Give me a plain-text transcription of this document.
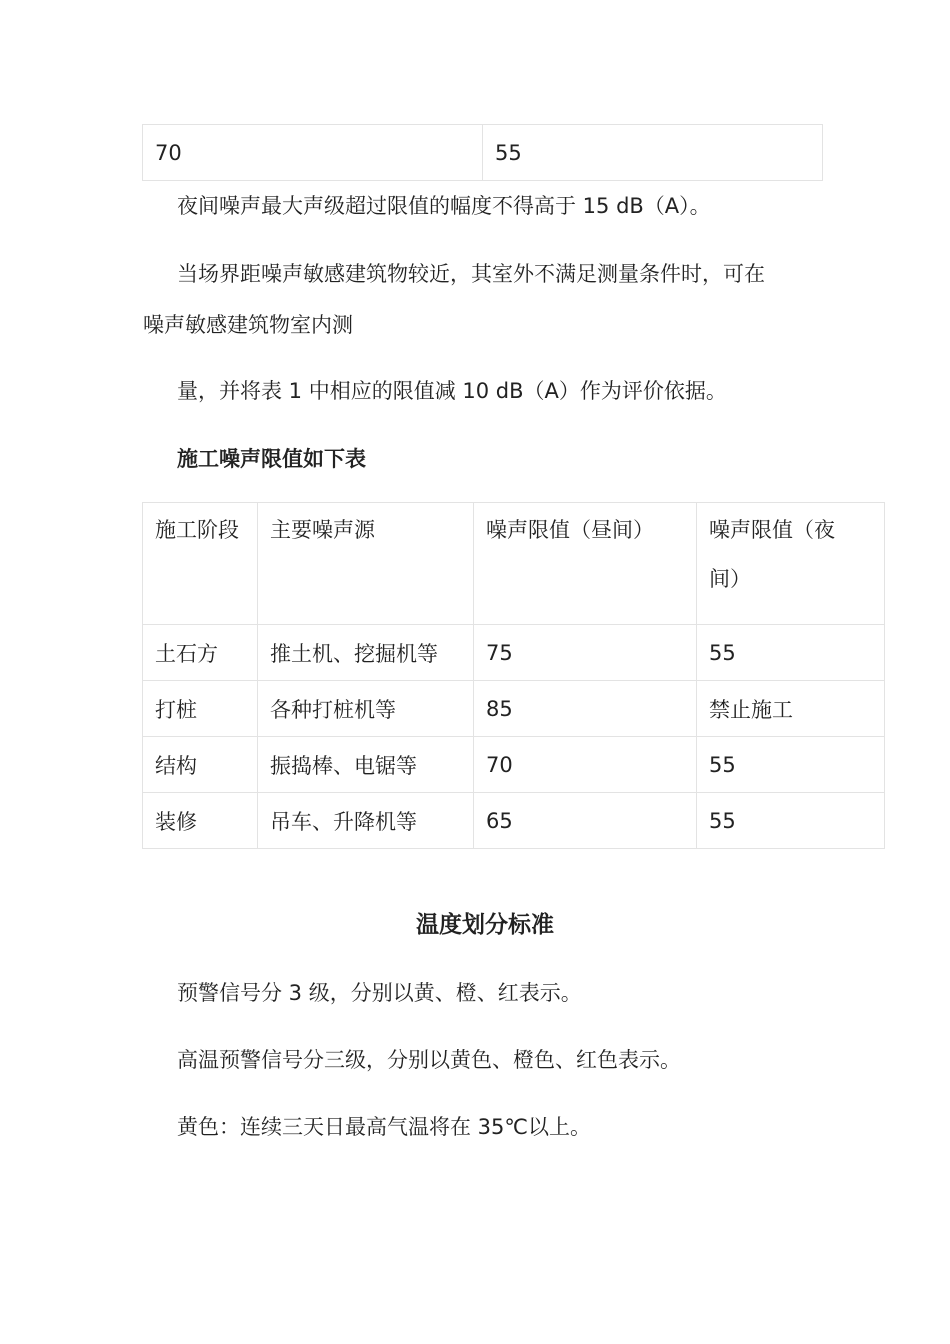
70	55
夜间噪声最大声级超过限值的幅度不得高于 15 dB（A）。
当场界距噪声敏感建筑物较近，其室外不满足测量条件时，可在
噪声敏感建筑物室内测
量，并将表 1 中相应的限值减 10 dB（A）作为评价依据。
施工噪声限值如下表
施工阶段	主要噪声源	噪声限值（昼间）	噪声限值（夜间）

土石方	推土机、挖掘机等	75	55
打桩	各种打桩机等	85	禁止施工
结构	振捣棒、电锯等	70	55
装修	吊车、升降机等	65	55
温度划分标准
预警信号分 3 级，分别以黄、橙、红表示。
高温预警信号分三级，分别以黄色、橙色、红色表示。
黄色：连续三天日最高气温将在 35℃以上。
